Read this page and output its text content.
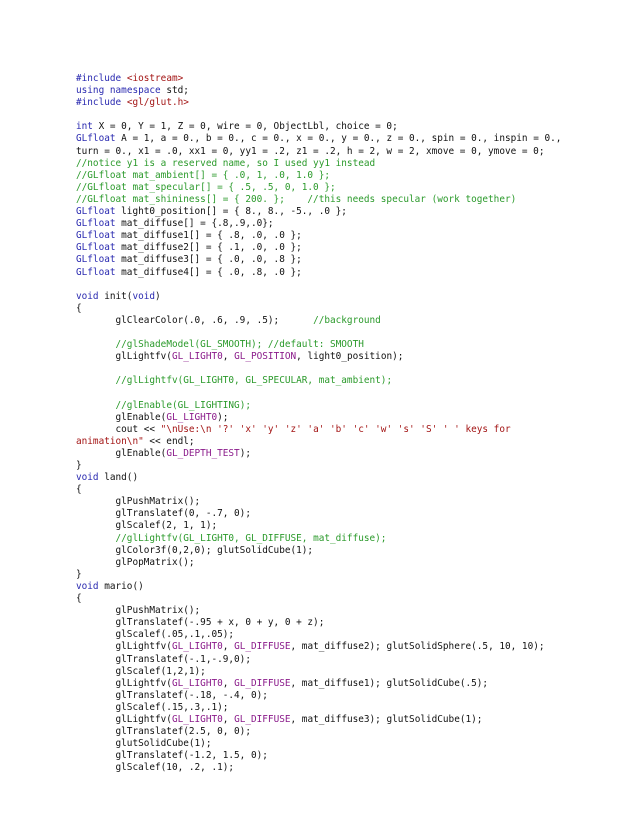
#include <iostream>
using namespace std;
#include <gl/glut.h>

int X = 0, Y = 1, Z = 0, wire = 0, ObjectLbl, choice = 0;
GLfloat A = 1, a = 0., b = 0., c = 0., x = 0., y = 0., z = 0., spin = 0., inspin = 0.,
turn = 0., x1 = .0, xx1 = 0, yy1 = .2, z1 = .2, h = 2, w = 2, xmove = 0, ymove = 0;
//notice y1 is a reserved name, so I used yy1 instead
//GLfloat mat_ambient[] = { .0, 1, .0, 1.0 };
//GLfloat mat_specular[] = { .5, .5, 0, 1.0 };
//GLfloat mat_shininess[] = { 200. };    //this needs specular (work together)
GLfloat light0_position[] = { 8., 8., -5., .0 };
GLfloat mat_diffuse[] = {.8,.9,.0};
GLfloat mat_diffuse1[] = { .8, .0, .0 };
GLfloat mat_diffuse2[] = { .1, .0, .0 };
GLfloat mat_diffuse3[] = { .0, .0, .8 };
GLfloat mat_diffuse4[] = { .0, .8, .0 };

void init(void)
{
glClearColor(.0, .6, .9, .5);      //background

//glShadeModel(GL_SMOOTH); //default: SMOOTH
glLightfv(GL_LIGHT0, GL_POSITION, light0_position);

//glLightfv(GL_LIGHT0, GL_SPECULAR, mat_ambient);

//glEnable(GL_LIGHTING);
glEnable(GL_LIGHT0);
cout << "\nUse:\n '?' 'x' 'y' 'z' 'a' 'b' 'c' 'w' 's' 'S' ' ' keys for
animation\n" << endl;
glEnable(GL_DEPTH_TEST);
}
void land()
{
glPushMatrix();
glTranslatef(0, -.7, 0);
glScalef(2, 1, 1);
//glLightfv(GL_LIGHT0, GL_DIFFUSE, mat_diffuse);
glColor3f(0,2,0); glutSolidCube(1);
glPopMatrix();
}
void mario()
{
glPushMatrix();
glTranslatef(-.95 + x, 0 + y, 0 + z);
glScalef(.05,.1,.05);
glLightfv(GL_LIGHT0, GL_DIFFUSE, mat_diffuse2); glutSolidSphere(.5, 10, 10);
glTranslatef(-.1,-.9,0);
glScalef(1,2,1);
glLightfv(GL_LIGHT0, GL_DIFFUSE, mat_diffuse1); glutSolidCube(.5);
glTranslatef(-.18, -.4, 0);
glScalef(.15,.3,.1);
glLightfv(GL_LIGHT0, GL_DIFFUSE, mat_diffuse3); glutSolidCube(1);
glTranslatef(2.5, 0, 0);
glutSolidCube(1);
glTranslatef(-1.2, 1.5, 0);
glScalef(10, .2, .1);
